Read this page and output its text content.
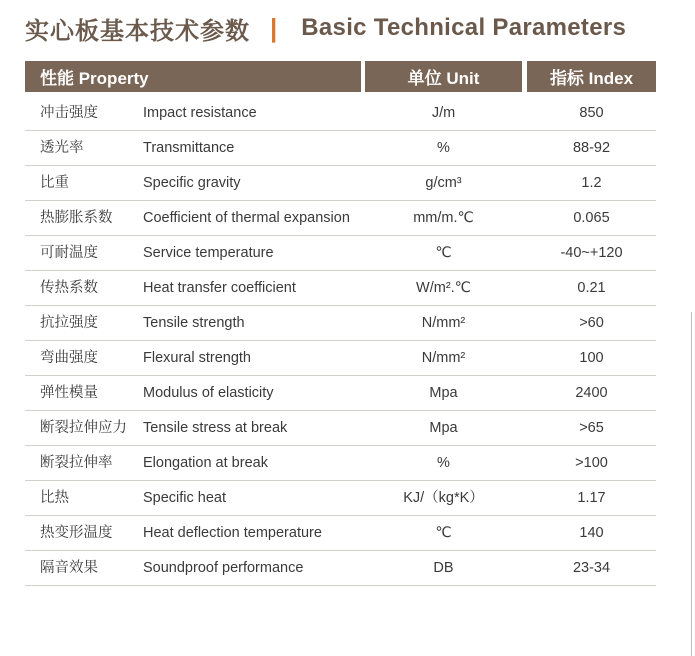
实心板基本技术参数 | Basic Technical Parameters
性能 Property	单位 Unit	指标 Index
冲击强度	Impact resistance	J/m	850
透光率	Transmittance	%	88-92
比重	Specific gravity	g/cm³	1.2
热膨胀系数 Coefficient of thermal expansion	mm/m.℃	0.065
可耐温度	Service temperature	℃	-40~+120
传热系数	Heat transfer coefficient	W/m².℃	0.21
抗拉强度	Tensile strength	N/mm²	>60
弯曲强度	Flexural strength	N/mm²	100
弹性模量	Modulus of elasticity	Mpa	2400
断裂拉伸应力 Tensile stress at break	Mpa	>65
断裂拉伸率 Elongation at break	%	>100
比热	Specific heat	KJ/（kg*K）	1.17
热变形温度 Heat deflection temperature	℃	140
隔音效果	Soundproof performance	DB	23-34
